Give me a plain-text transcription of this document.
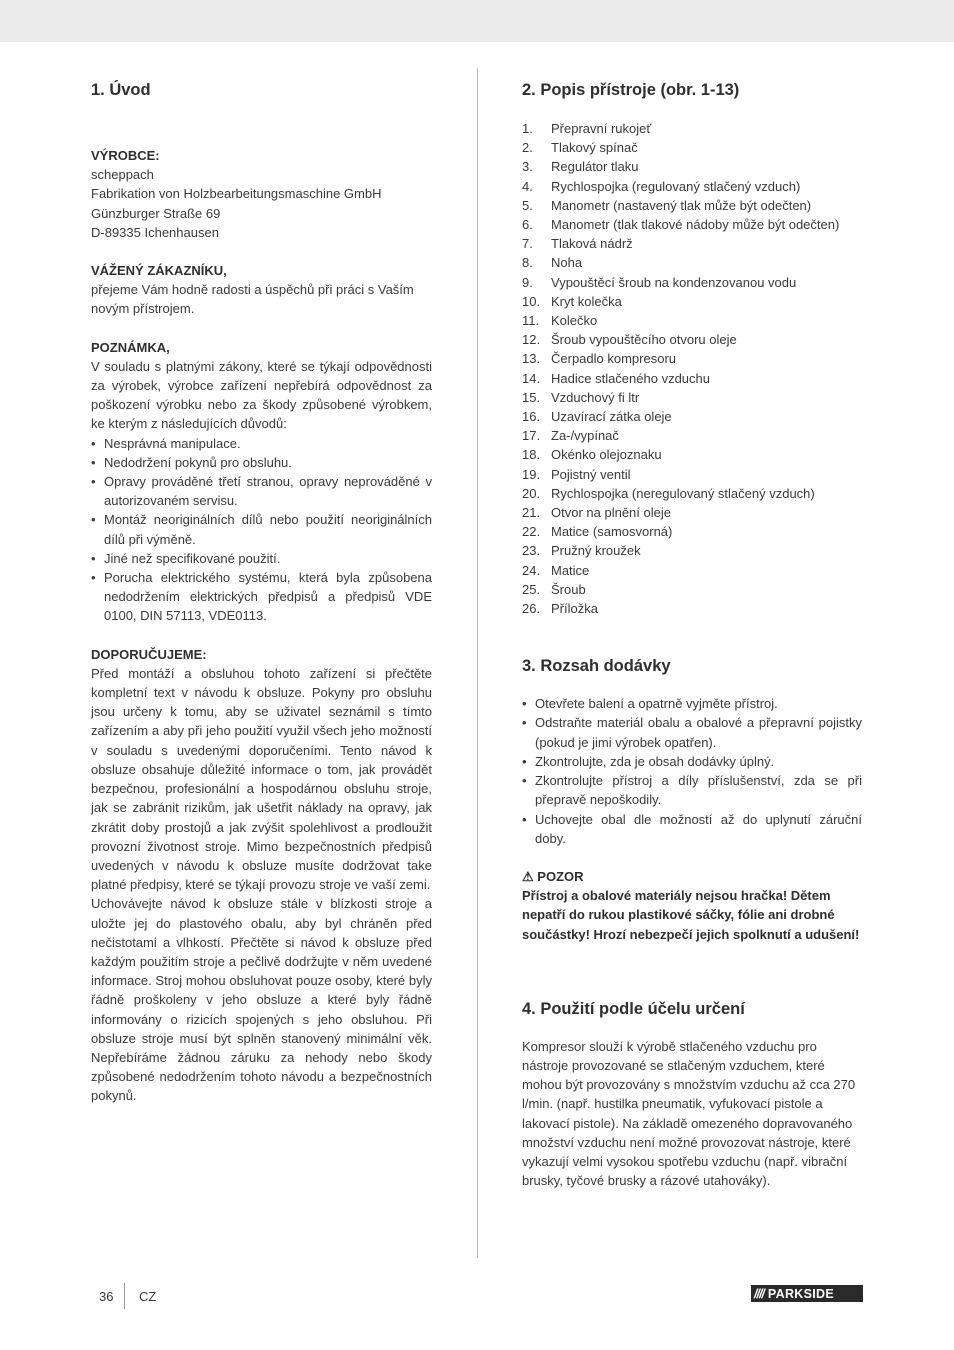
1. Úvod
VÝROBCE:
scheppach
Fabrikation von Holzbearbeitungsmaschine GmbH
Günzburger Straße 69
D-89335 Ichenhausen
VÁŽENÝ ZÁKAZNÍKU,

přejeme Vám hodně radosti a úspěchů při práci s Vaším novým přístrojem.

POZNÁMKA,

V souladu s platnými zákony, které se týkají odpovědnosti za výrobek, výrobce zařízení nepřebírá odpovědnost za poškození výrobku nebo za škody způsobené výrobkem, ke kterým z následujících důvodů:

• Nesprávná manipulace.
• Nedodržení pokynů pro obsluhu.
• Opravy prováděné třetí stranou, opravy neprováděné v autorizovaném servisu.
• Montáž neoriginálních dílů nebo použití neoriginálních dílů při výměně.
• Jiné než specifikované použití.
• Porucha elektrického systému, která byla způsobena nedodržením elektrických předpisů a předpisů VDE 0100, DIN 57113, VDE0113.
DOPORUČUJEME:

Před montáží a obsluhou tohoto zařízení si přečtěte kompletní text v návodu k obsluze. Pokyny pro obsluhu jsou určeny k tomu, aby se uživatel seznámil s tímto zařízením a aby při jeho použití využil všech jeho možností v souladu s uvedenými doporučeními. Tento návod k obsluze obsahuje důležité informace o tom, jak provádět bezpečnou, profesionální a hospodárnou obsluhu stroje, jak se zabránit rizikům, jak ušetřit náklady na opravy, jak zkrátit doby prostojů a jak zvýšit spolehlivost a prodloužit provozní životnost stroje. Mimo bezpečnostních předpisů uvedených v návodu k obsluze musíte dodržovat take platné předpisy, které se týkají provozu stroje ve vaší zemi.

Uchovávejte návod k obsluze stále v blízkosti stroje a uložte jej do plastového obalu, aby byl chráněn před nečistotami a vlhkostí. Přečtěte si návod k obsluze před každým použitím stroje a pečlivě dodržujte v něm uvedené informace. Stroj mohou obsluhovat pouze osoby, které byly řádně proškoleny v jeho obsluze a které byly řádně informovány o rizicích spojených s jeho obsluhou. Při obsluze stroje musí být splněn stanovený minimální věk. Nepřebíráme žádnou záruku za nehody nebo škody způsobené nedodržením tohoto návodu a bezpečnostních pokynů.

2. Popis přístroje (obr. 1-13)
1.	Přepravní rukojeť
2.	Tlakový spínač
3.	Regulátor tlaku
4.	Rychlospojka (regulovaný stlačený vzduch)
5.	Manometr (nastavený tlak může být odečten)
6.	Manometr (tlak tlakové nádoby může být odečten)
7.	Tlaková nádrž
8.	Noha
9.	Vypouštěcí šroub na kondenzovanou vodu
10. Kryt kolečka
11. Kolečko
12. Šroub vypouštěcího otvoru oleje
13. Čerpadlo kompresoru
14. Hadice stlačeného vzduchu
15. Vzduchový fi ltr
16. Uzavírací zátka oleje
17. Za-/vypínač
18. Okénko olejoznaku
19. Pojistný ventil
20. Rychlospojka (neregulovaný stlačený vzduch)
21. Otvor na plnění oleje
22. Matice (samosvorná)
23. Pružný kroužek
24. Matice
25. Šroub
26. Příložka
3. Rozsah dodávky
• Otevřete balení a opatrně vyjměte přístroj.
• Odstraňte materiál obalu a obalové a přepravní pojistky (pokud je jimi výrobek opatřen).
• Zkontrolujte, zda je obsah dodávky úplný.
• Zkontrolujte přístroj a díly příslušenství, zda se při přepravě nepoškodily.
• Uchovejte obal dle možností až do uplynutí záruční doby.
⚠ POZOR

Přístroj a obalové materiály nejsou hračka! Dětem nepatří do rukou plastikové sáčky, fólie ani drobné součástky! Hrozí nebezpečí jejich spolknutí a udušení!

4. Použití podle účelu určení

Kompresor slouží k výrobě stlačeného vzduchu pro nástroje provozované se stlačeným vzduchem, které mohou být provozovány s množstvím vzduchu až cca 270 l/min. (např. hustilka pneumatik, vyfukovací pistole a lakovací pistole). Na základě omezeného dopravovaného množství vzduchu není možné provozovat nástroje, které vykazují velmi vysokou spotřebu vzduchu (např. vibrační brusky, tyčové brusky a rázové utahováky).

36 CZ	//// PARKSIDE
